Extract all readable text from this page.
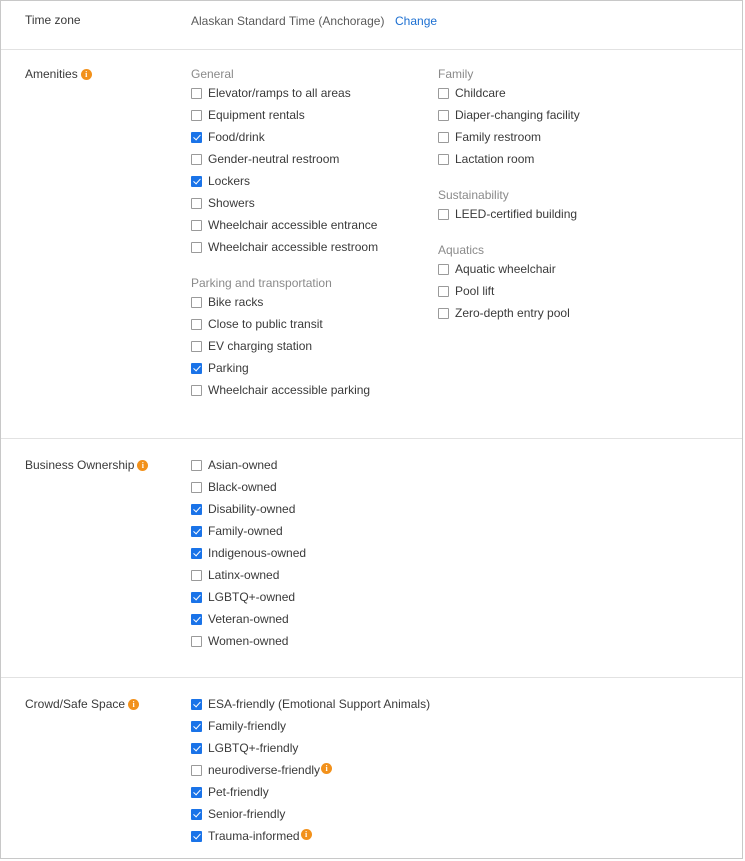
Time zone	Alaskan Standard Time (Anchorage) Change
Amenities i	General
Elevator/ramps to all areas
Equipment rentals
Food/drink
Gender-neutral restroom
Lockers
Showers
Wheelchair accessible entrance
Wheelchair accessible restroom
Parking and transportation
Bike racks
Close to public transit
EV charging station
Parking
Wheelchair accessible parking
Family
Childcare
Diaper-changing facility
Family restroom
Lactation room
Sustainability
LEED-certified building
Aquatics
Aquatic wheelchair
Pool lift
Zero-depth entry pool
Business Ownership i	Asian-owned
Black-owned
Disability-owned
Family-owned
Indigenous-owned
Latinx-owned
LGBTQ+-owned
Veteran-owned
Women-owned
Crowd/Safe Space i	ESA-friendly (Emotional Support Animals)
Family-friendly
LGBTQ+-friendly
neurodiverse-friendly i
Pet-friendly
Senior-friendly
Trauma-informed i
